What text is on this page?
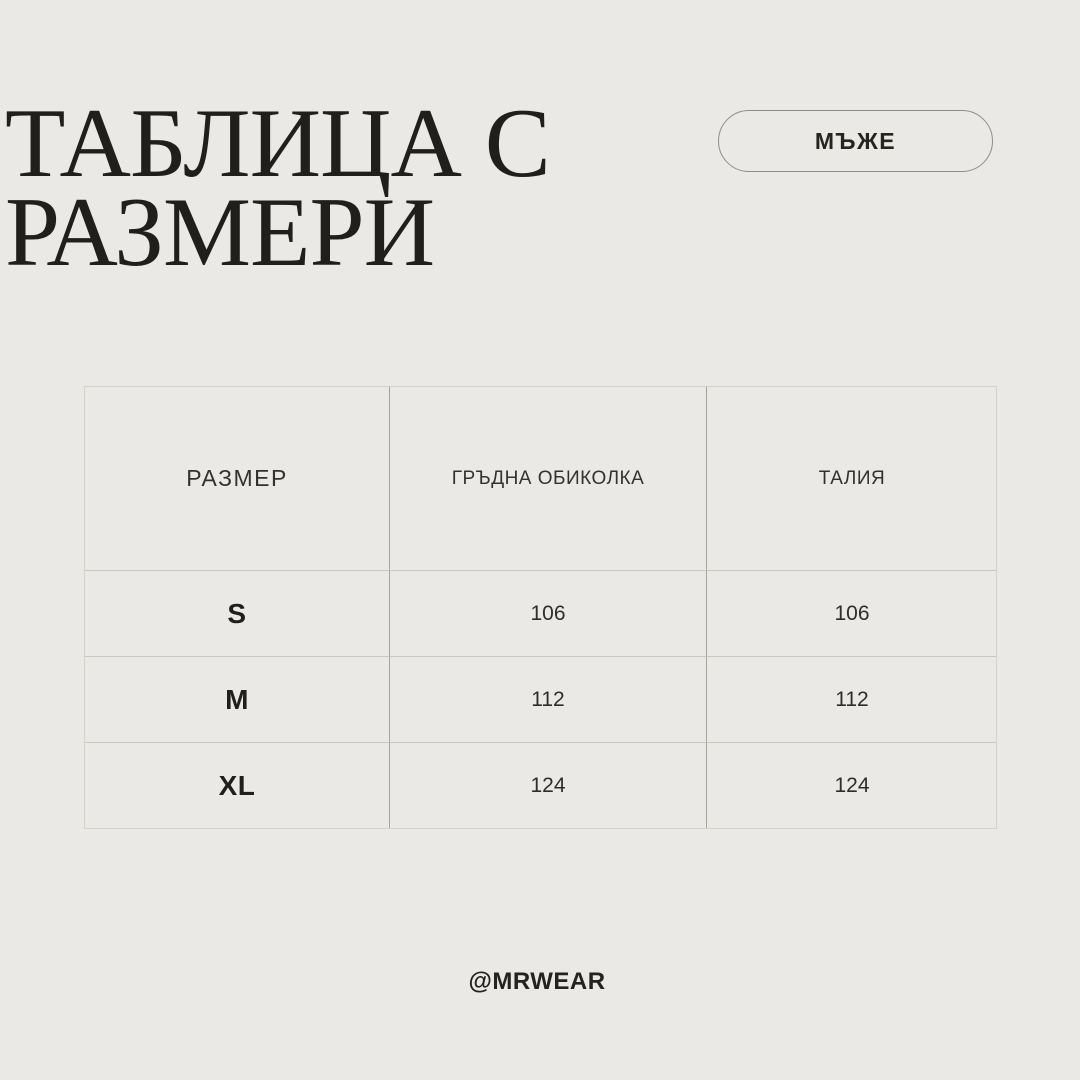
ТАБЛИЦА С
РАЗМЕРИ
МЪЖЕ
РАЗМЕР	ГРЪДНА ОБИКОЛКА	ТАЛИЯ
S	106	106
M	112	112
XL	124	124
@MRWEAR
